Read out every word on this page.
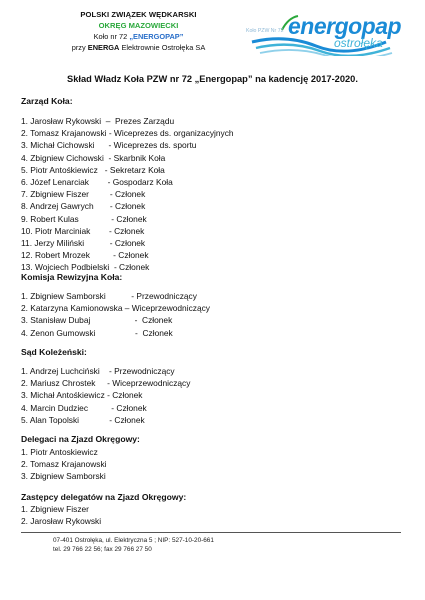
POLSKI ZWIĄZEK WĘDKARSKI
OKRĘG MAZOWIECKI
Koło nr 72 „ENERGOPAP”
przy ENERGA Elektrownie Ostrołęka SA
Koło PZW Nr 72 energopap
ostrołęka
Skład Władz Koła PZW nr 72 „Energopap” na kadencję 2017-2020.
Zarząd Koła:
1. Jarosław Rykowski  –  Prezes Zarządu
2. Tomasz Krajanowski - Wiceprezes ds. organizacyjnych
3. Michał Cichowski      - Wiceprezes ds. sportu
4. Zbigniew Cichowski  - Skarbnik Koła
5. Piotr Antośkiewicz   - Sekretarz Koła
6. Józef Lenarciak        - Gospodarz Koła
7. Zbigniew Fiszer         - Członek
8. Andrzej Gawrych       - Członek
9. Robert Kulas              - Członek
10. Piotr Marciniak        - Członek
11. Jerzy Miliński           - Członek
12. Robert Mrozek          - Członek
13. Wojciech Podbielski  - Członek
Komisja Rewizyjna Koła:
1. Zbigniew Samborski           - Przewodniczący
2. Katarzyna Kamionowska – Wiceprzewodniczący
3. Stanisław Dubaj                   -  Członek
4. Zenon Gumowski                 -  Członek
Sąd Koleżeński:
1. Andrzej Luchciński    - Przewodniczący
2. Mariusz Chrostek     - Wiceprzewodniczący
3. Michał Antośkiewicz - Członek
4. Marcin Dudziec          - Członek
5. Alan Topolski             - Członek
Delegaci na Zjazd Okręgowy:
1. Piotr Antoskiewicz
2. Tomasz Krajanowski
3. Zbigniew Samborski
Zastępcy delegatów na Zjazd Okręgowy:
1. Zbigniew Fiszer
2. Jarosław Rykowski
07-401 Ostrołęka, ul. Elektryczna 5 ; NIP: 527-10-20-661
tel. 29 766 22 56; fax 29 766 27 50
